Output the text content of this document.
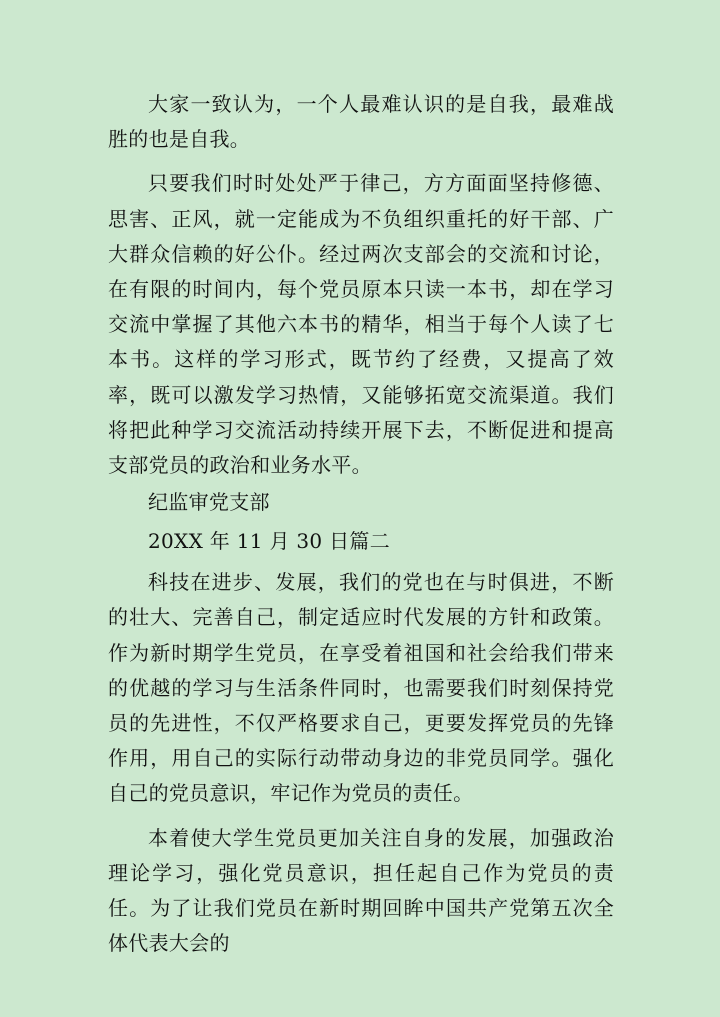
大家一致认为，一个人最难认识的是自我，最难战胜的也是自我。

只要我们时时处处严于律己，方方面面坚持修德、思害、正风，就一定能成为不负组织重托的好干部、广大群众信赖的好公仆。经过两次支部会的交流和讨论，在有限的时间内，每个党员原本只读一本书，却在学习交流中掌握了其他六本书的精华，相当于每个人读了七本书。这样的学习形式，既节约了经费，又提高了效率，既可以激发学习热情，又能够拓宽交流渠道。我们将把此种学习交流活动持续开展下去，不断促进和提高支部党员的政治和业务水平。

纪监审党支部

20XX 年 11 月 30 日篇二

科技在进步、发展，我们的党也在与时俱进，不断的壮大、完善自己，制定适应时代发展的方针和政策。作为新时期学生党员，在享受着祖国和社会给我们带来的优越的学习与生活条件同时，也需要我们时刻保持党员的先进性，不仅严格要求自己，更要发挥党员的先锋作用，用自己的实际行动带动身边的非党员同学。强化自己的党员意识，牢记作为党员的责任。

本着使大学生党员更加关注自身的发展，加强政治理论学习，强化党员意识，担任起自己作为党员的责任。为了让我们党员在新时期回眸中国共产党第五次全体代表大会的
